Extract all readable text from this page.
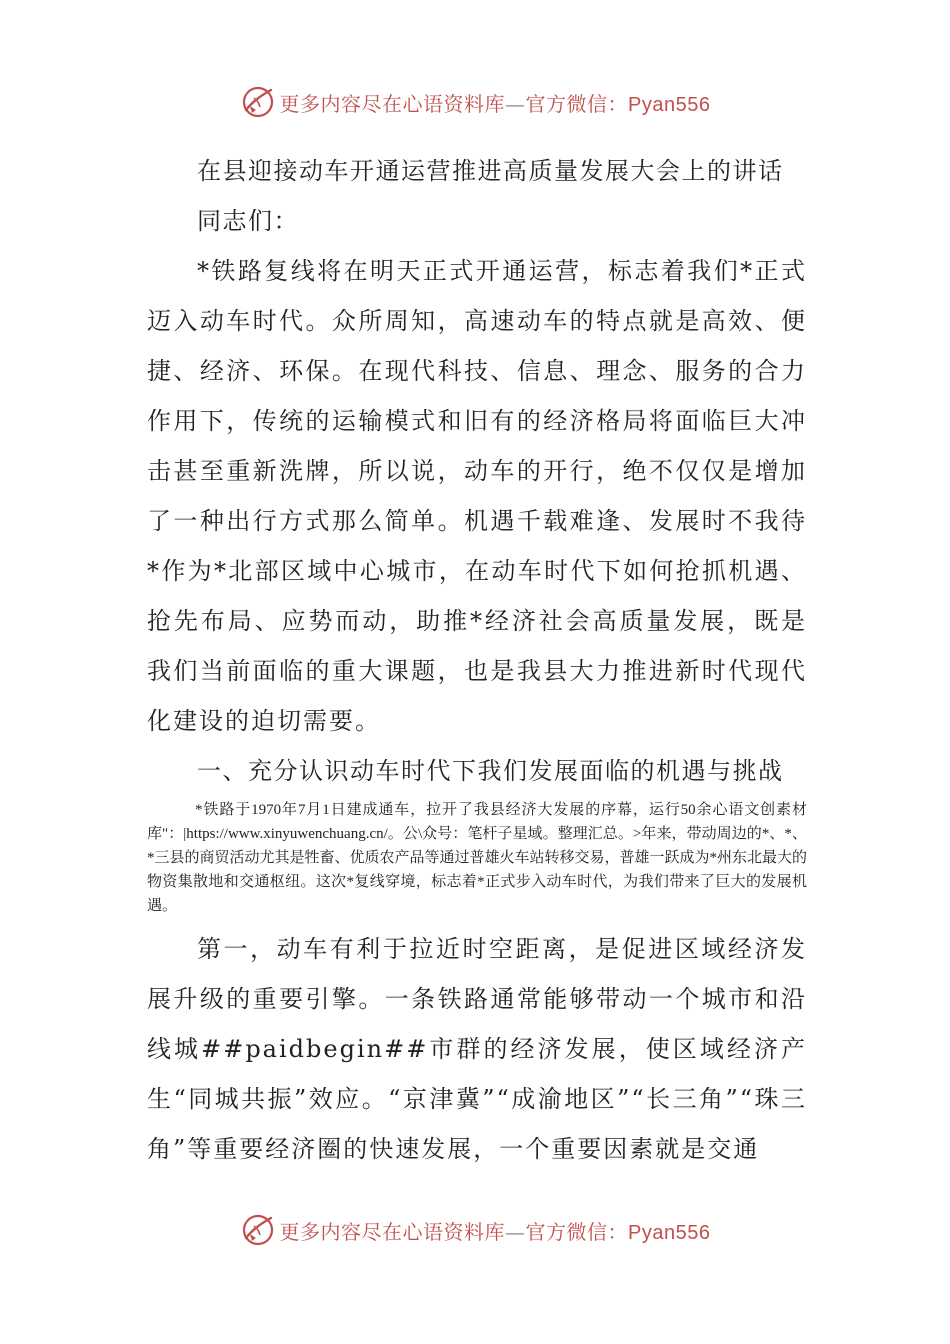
更多内容尽在心语资料库—官方微信：Pyan556
在县迎接动车开通运营推进高质量发展大会上的讲话
同志们：

*铁路复线将在明天正式开通运营，标志着我们*正式迈入动车时代。众所周知，高速动车的特点就是高效、便捷、经济、环保。在现代科技、信息、理念、服务的合力作用下，传统的运输模式和旧有的经济格局将面临巨大冲击甚至重新洗牌，所以说，动车的开行，绝不仅仅是增加了一种出行方式那么简单。机遇千载难逢、发展时不我待*作为*北部区域中心城市，在动车时代下如何抢抓机遇、抢先布局、应势而动，助推*经济社会高质量发展，既是我们当前面临的重大课题，也是我县大力推进新时代现代化建设的迫切需要。

一、充分认识动车时代下我们发展面临的机遇与挑战

*铁路于1970年7月1日建成通车，拉开了我县经济大发展的序幕，运行50余心语文创素材库"：|https://www.xinyuwenchuang.cn/。公\众号：笔杆子星域。整理汇总。>年来，带动周边的*、*、*三县的商贸活动尤其是牲畜、优质农产品等通过普雄火车站转移交易，普雄一跃成为*州东北最大的物资集散地和交通枢纽。这次*复线穿境，标志着*正式步入动车时代，为我们带来了巨大的发展机遇。

第一，动车有利于拉近时空距离，是促进区域经济发展升级的重要引擎。一条铁路通常能够带动一个城市和沿线城##paidbegin##市群的经济发展，使区域经济产生“同城共振”效应。“京津冀”“成渝地区”“长三角”“珠三角”等重要经济圈的快速发展，一个重要因素就是交通

更多内容尽在心语资料库—官方微信：Pyan556
